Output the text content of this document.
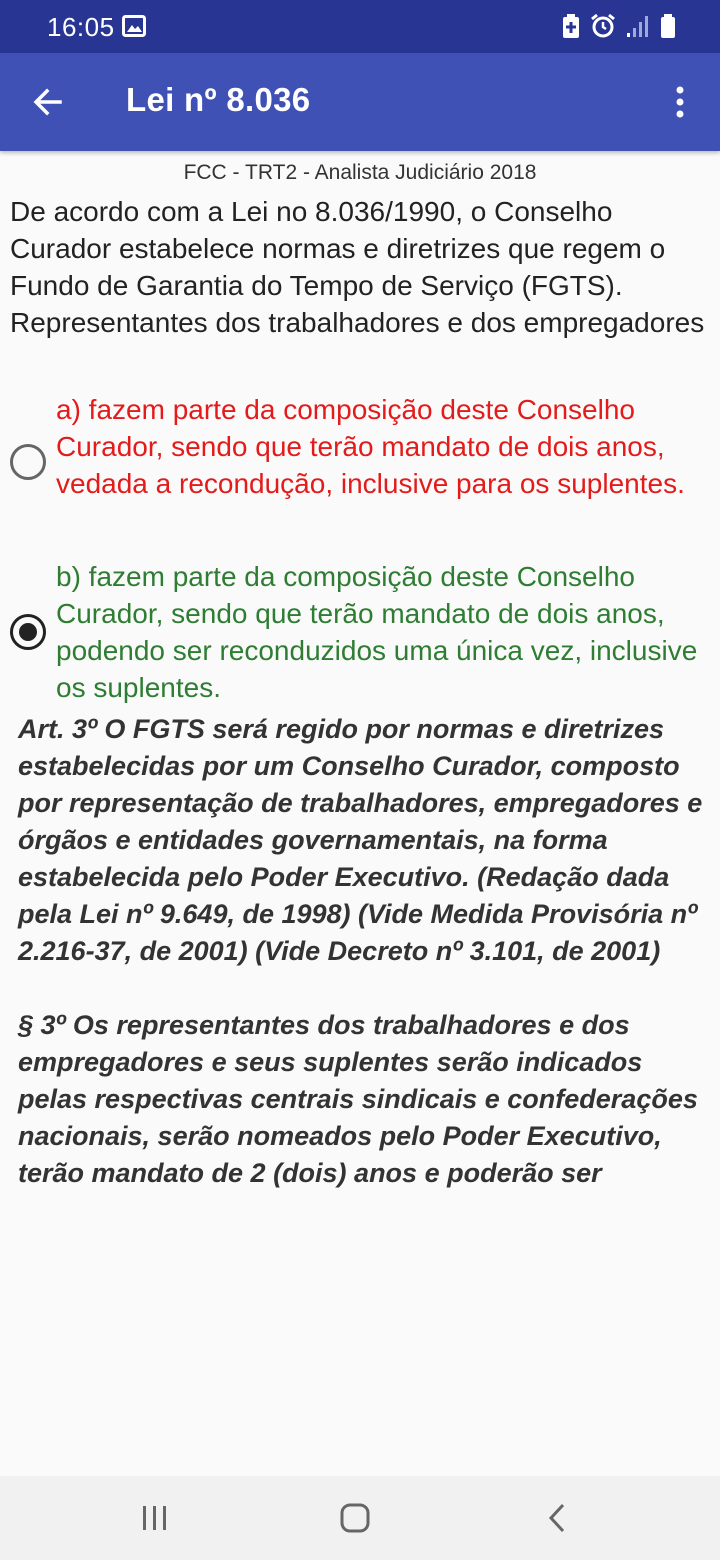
16:05
Lei nº 8.036
FCC - TRT2 - Analista Judiciário 2018
De acordo com a Lei no 8.036/1990, o Conselho Curador estabelece normas e diretrizes que regem o Fundo de Garantia do Tempo de Serviço (FGTS). Representantes dos trabalhadores e dos empregadores
a) fazem parte da composição deste Conselho Curador, sendo que terão mandato de dois anos, vedada a recondução, inclusive para os suplentes.
b) fazem parte da composição deste Conselho Curador, sendo que terão mandato de dois anos, podendo ser reconduzidos uma única vez, inclusive os suplentes.

Art. 3º O FGTS será regido por normas e diretrizes estabelecidas por um Conselho Curador, composto por representação de trabalhadores, empregadores e órgãos e entidades governamentais, na forma estabelecida pelo Poder Executivo. (Redação dada pela Lei nº 9.649, de 1998) (Vide Medida Provisória nº 2.216-37, de 2001) (Vide Decreto nº 3.101, de 2001)

§ 3º Os representantes dos trabalhadores e dos empregadores e seus suplentes serão indicados pelas respectivas centrais sindicais e confederações nacionais, serão nomeados pelo Poder Executivo, terão mandato de 2 (dois) anos e poderão ser
